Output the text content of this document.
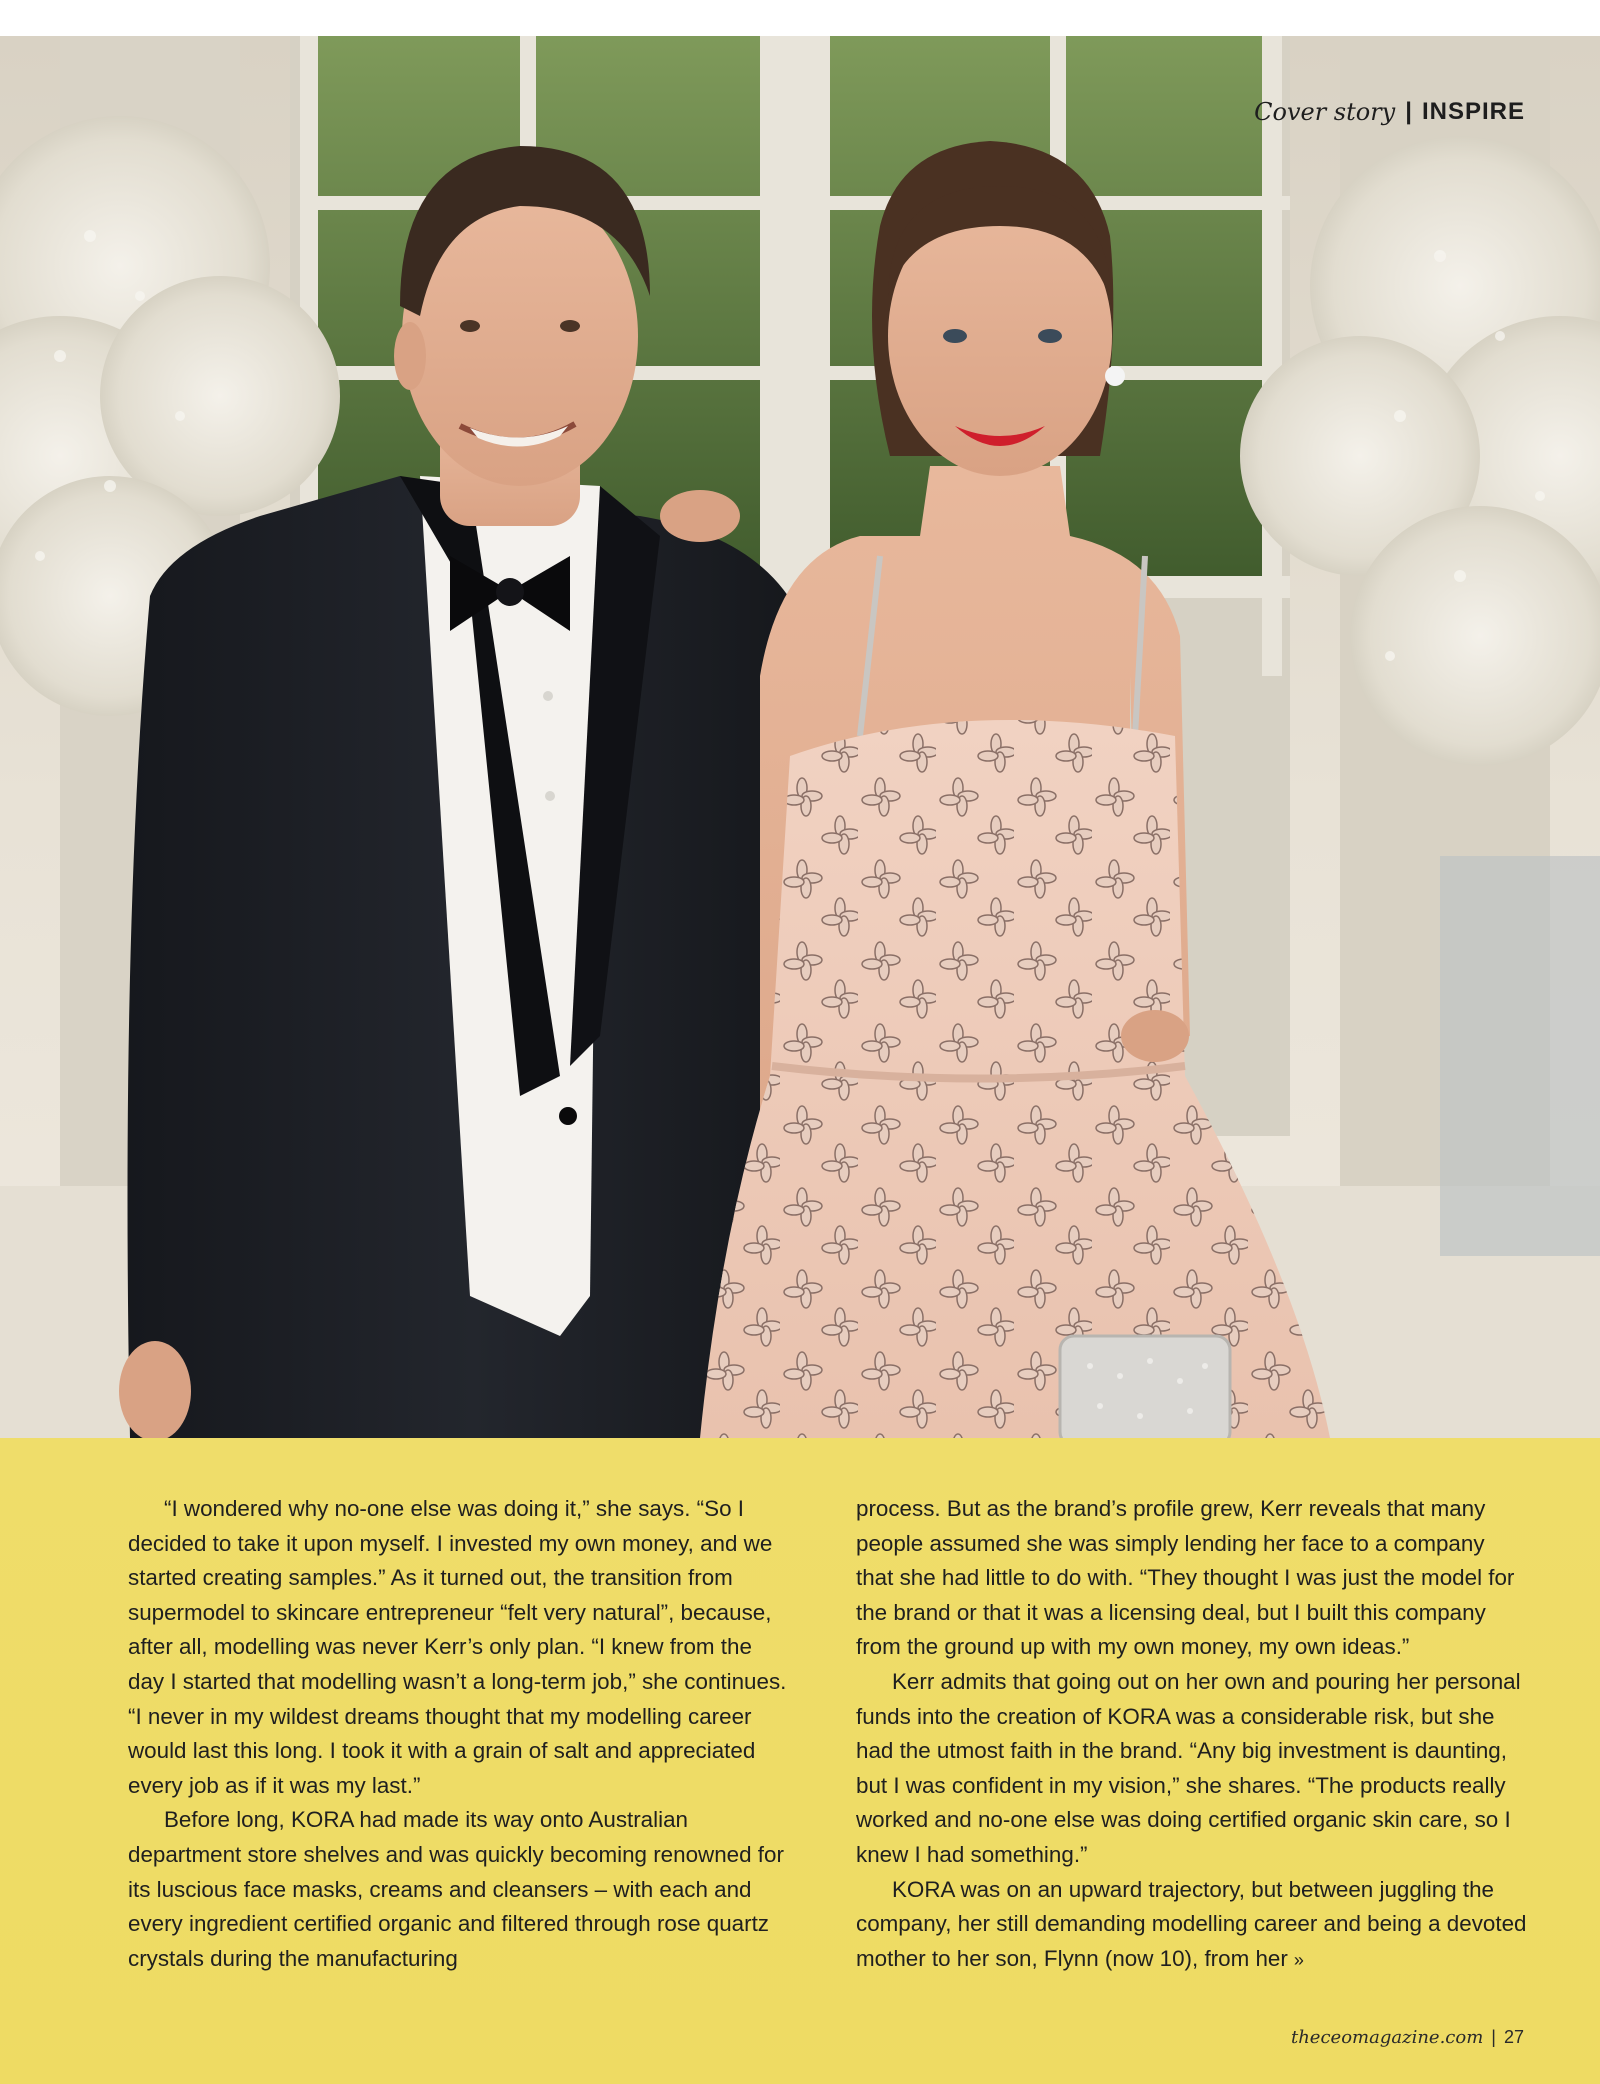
Cover story | INSPIRE

“I wondered why no-one else was doing it,” she says. “So I decided to take it upon myself. I invested my own money, and we started creating samples.” As it turned out, the transition from supermodel to skincare entrepreneur “felt very natural”, because, after all, modelling was never Kerr’s only plan. “I knew from the day I started that modelling wasn’t a long-term job,” she continues. “I never in my wildest dreams thought that my modelling career would last this long. I took it with a grain of salt and appreciated every job as if it was my last.”

Before long, KORA had made its way onto Australian department store shelves and was quickly becoming renowned for its luscious face masks, creams and cleansers – with each and every ingredient certified organic and filtered through rose quartz crystals during the manufacturing

process. But as the brand’s profile grew, Kerr reveals that many people assumed she was simply lending her face to a company that she had little to do with. “They thought I was just the model for the brand or that it was a licensing deal, but I built this company from the ground up with my own money, my own ideas.”

Kerr admits that going out on her own and pouring her personal funds into the creation of KORA was a considerable risk, but she had the utmost faith in the brand. “Any big investment is daunting, but I was confident in my vision,” she shares. “The products really worked and no-one else was doing certified organic skin care, so I knew I had something.”

KORA was on an upward trajectory, but between juggling the company, her still demanding modelling career and being a devoted mother to her son, Flynn (now 10), from her »

theceomagazine.com | 27
